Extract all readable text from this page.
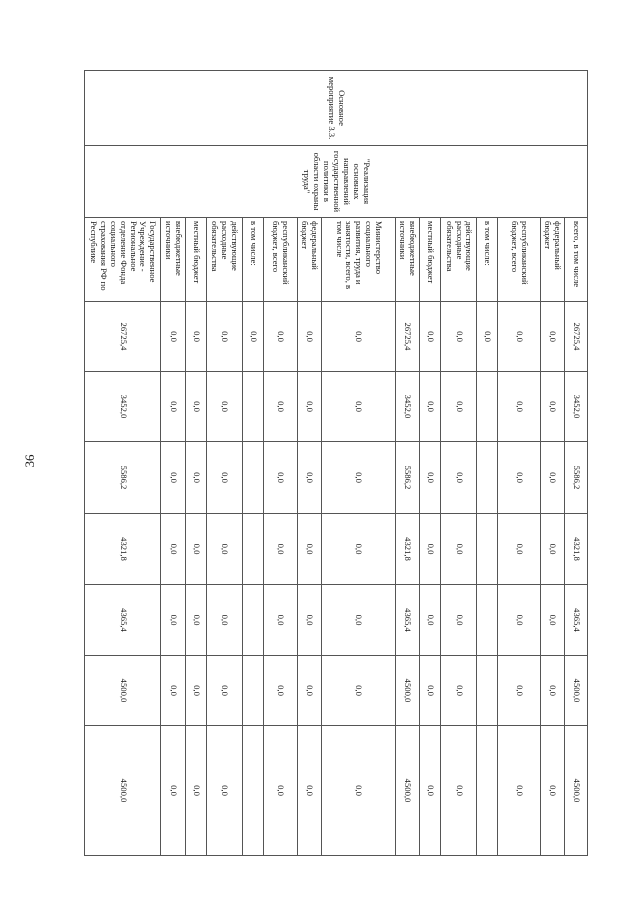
36
Основное мероприятие 3.3.	"Реализация основных направлений государственной политики в области охраны труда"	всего, в том числе	26725,4	3452,0	5586,2	4321,8	4365,4	4500,0	4500,0
		федеральный бюджет	0,0	0,0	0,0	0,0	0,0	0,0	0,0
		республиканский бюджет, всего	0,0	0,0	0,0	0,0	0,0	0,0	0,0
		в том числе:	0,0						
		действующие расходные обязательства	0,0	0,0	0,0	0,0	0,0	0,0	0,0
		местный бюджет	0,0	0,0	0,0	0,0	0,0	0,0	0,0
		внебюджетные источники	26725,4	3452,0	5586,2	4321,8	4365,4	4500,0	4500,0
		Министерство социального развития, труда и занятости, всего, в том числе	0,0	0,0	0,0	0,0	0,0	0,0	0,0
		федеральный бюджет	0,0	0,0	0,0	0,0	0,0	0,0	0,0
		республиканский бюджет, всего	0,0	0,0	0,0	0,0	0,0	0,0	0,0
		в том числе:	0,0						
		действующие расходные обязательства	0,0	0,0	0,0	0,0	0,0	0,0	0,0
		местный бюджет	0,0	0,0	0,0	0,0	0,0	0,0	0,0
		внебюджетные источники	0,0	0,0	0,0	0,0	0,0	0,0	0,0
		Государственное Учреждение - Региональное отделение Фонда социального страхования РФ по Республике	26725,4	3452,0	5586,2	4321,8	4365,4	4500,0	4500,0
